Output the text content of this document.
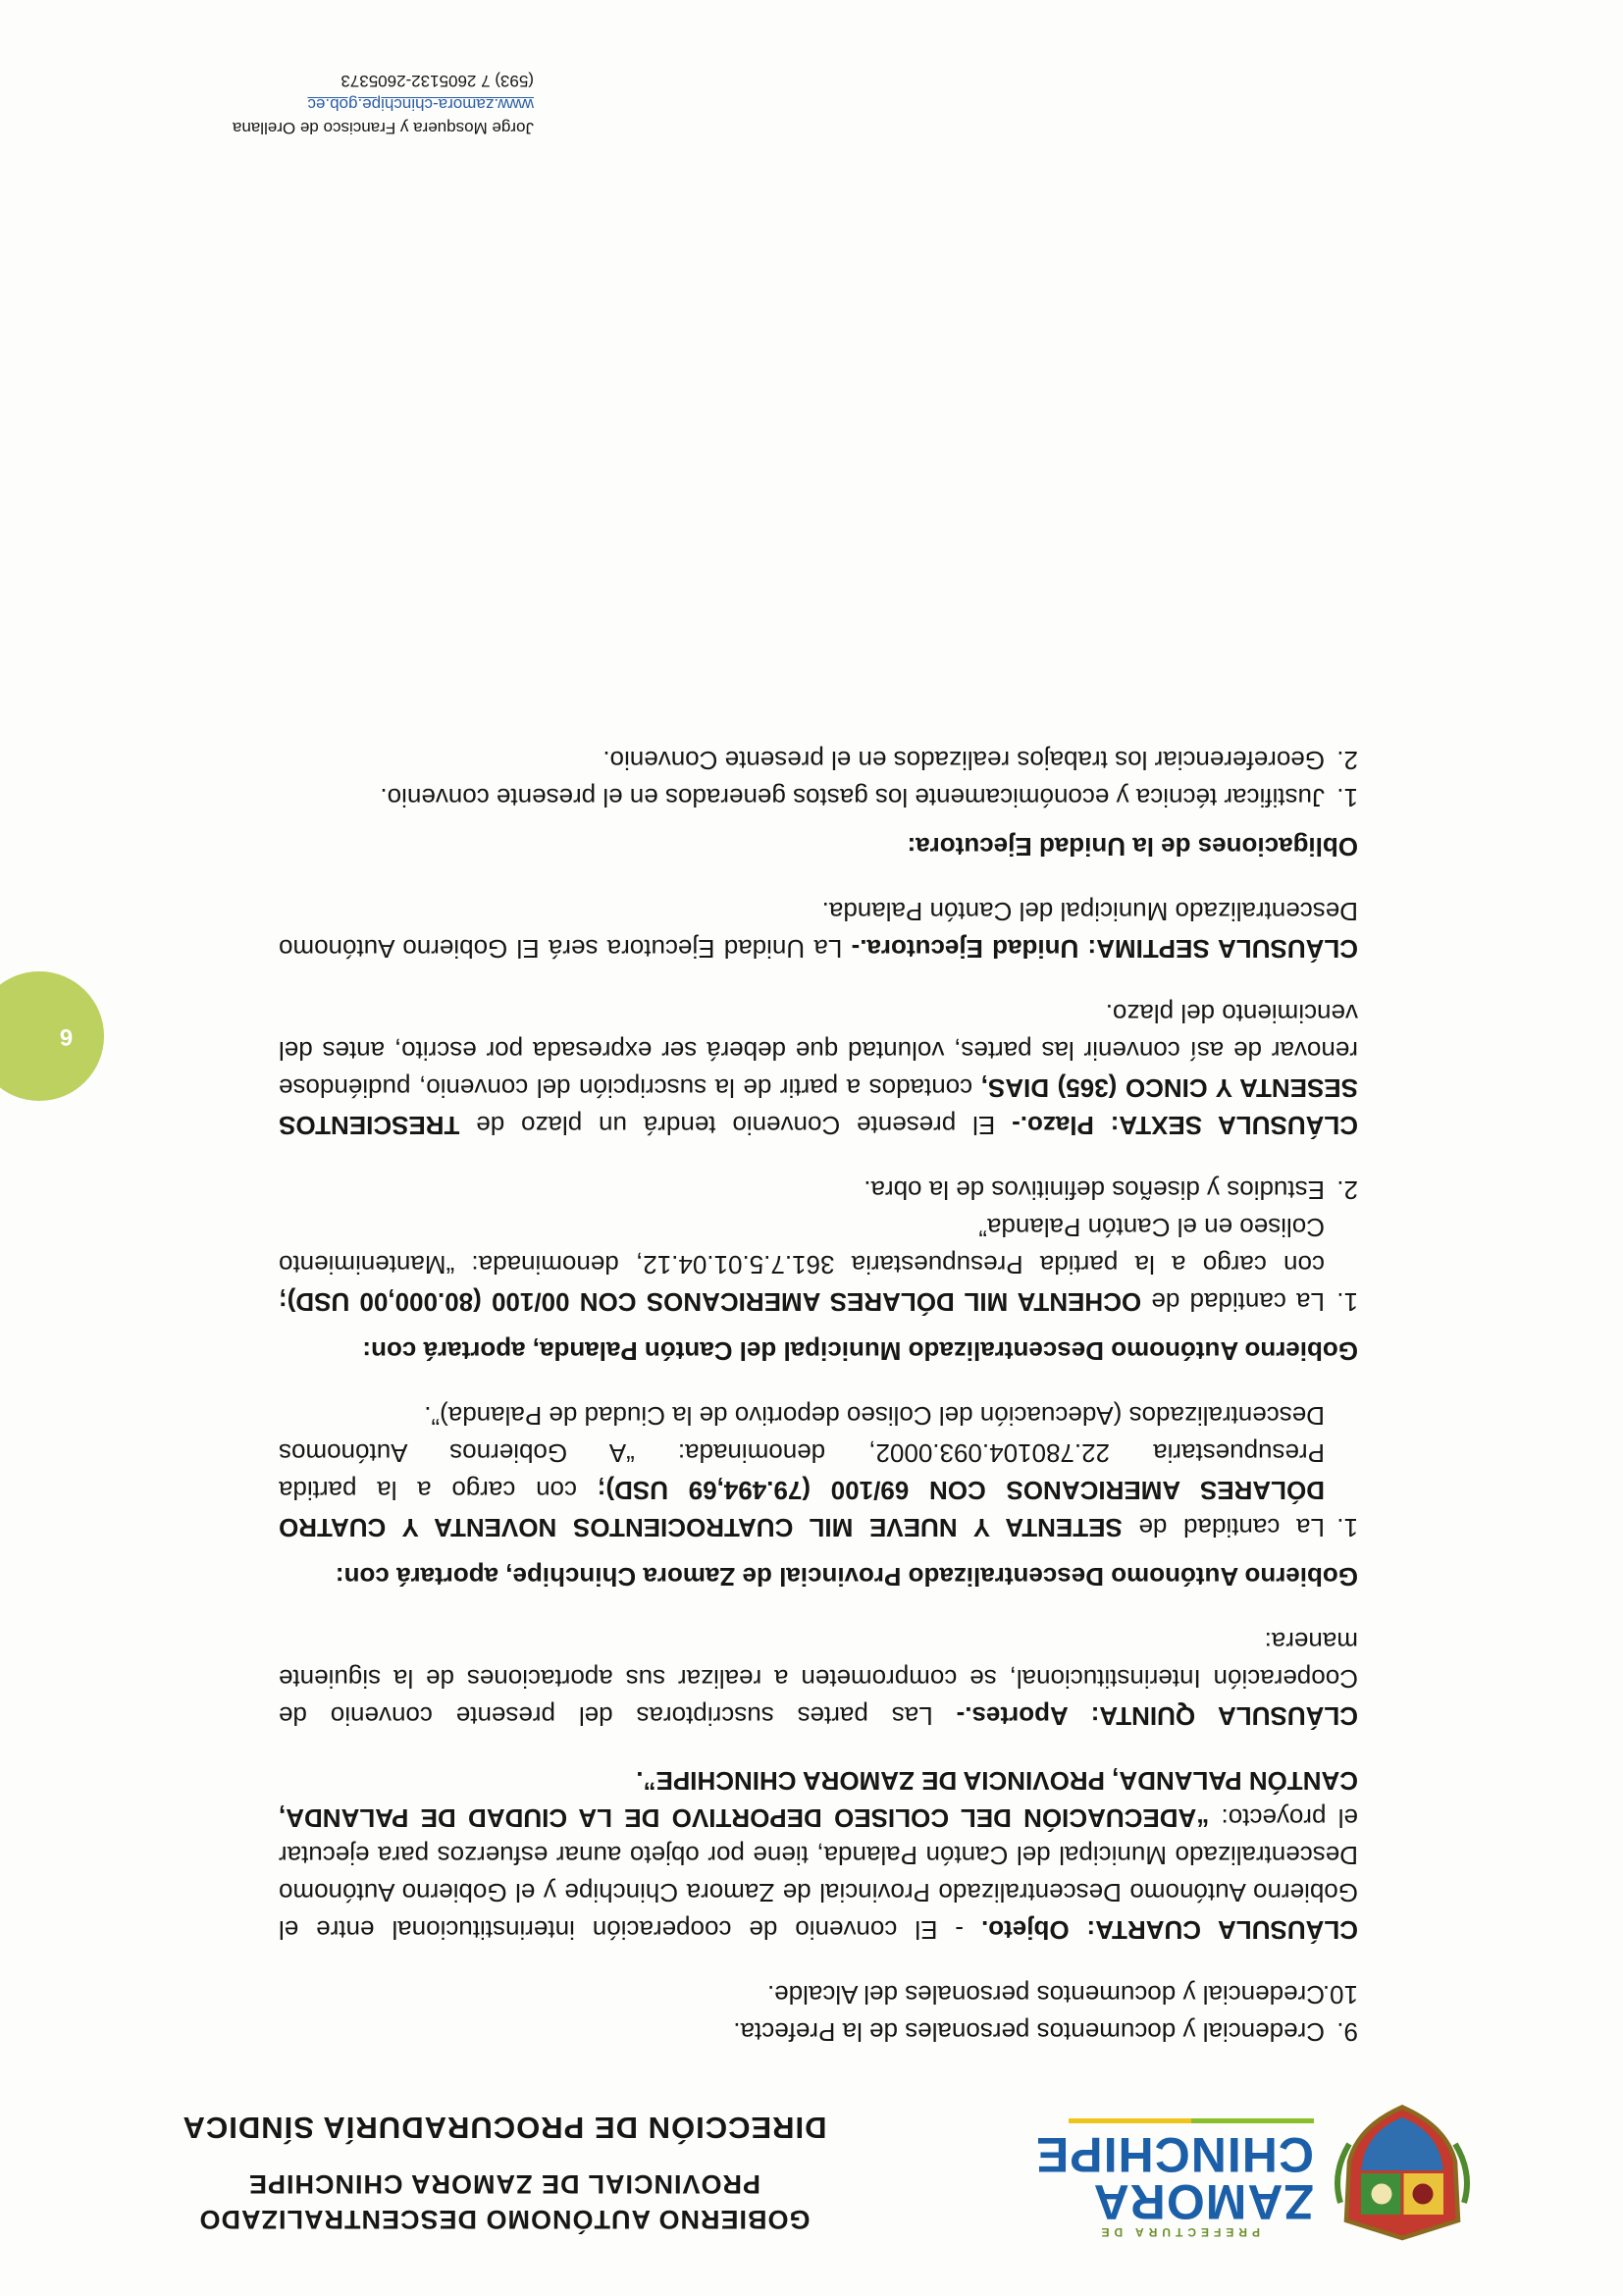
PREFECTURA DE
ZAMORA
CHINCHIPE
GOBIERNO AUTÓNOMO DESCENTRALIZADO
PROVINCIAL DE ZAMORA CHINCHIPE
DIRECCIÓN DE PROCURADURÍA SÍNDICA
9.
Credencial y documentos personales de la Prefecta.
10.
Credencial y documentos personales del Alcalde.

CLÁUSULA CUARTA: Objeto. - El convenio de cooperación interinstitucional entre el Gobierno Autónomo Descentralizado Provincial de Zamora Chinchipe y el Gobierno Autónomo Descentralizado Municipal del Cantón Palanda, tiene por objeto aunar esfuerzos para ejecutar el proyecto: “ADECUACIÓN DEL COLISEO DEPORTIVO DE LA CIUDAD DE PALANDA, CANTÓN PALANDA, PROVINCIA DE ZAMORA CHINCHIPE”.

CLÁUSULA QUINTA: Aportes.- Las partes suscriptoras del presente convenio de Cooperación Interinstitucional, se comprometen a realizar sus aportaciones de la siguiente manera:

Gobierno Autónomo Descentralizado Provincial de Zamora Chinchipe, aportará con:

1.
La cantidad de SETENTA Y NUEVE MIL CUATROCIENTOS NOVENTA Y CUATRO DÓLARES AMERICANOS CON 69/100 (79.494,69 USD); con cargo a la partida Presupuestaria 22.780104.093.0002, denominada: “A Gobiernos Autónomos Descentralizados (Adecuación del Coliseo deportivo de la Ciudad de Palanda)”.

Gobierno Autónomo Descentralizado Municipal del Cantón Palanda, aportará con:

1.
La cantidad de OCHENTA MIL DÓLARES AMERICANOS CON 00/100 (80.000,00 USD); con cargo a la partida Presupuestaria 361.7.5.01.04.12, denominada: “Mantenimiento Coliseo en el Cantón Palanda”
2.
Estudios y diseños definitivos de la obra.

CLÁUSULA SEXTA: Plazo.- El presente Convenio tendrá un plazo de TRESCIENTOS SESENTA Y CINCO (365) DIAS, contados a partir de la suscripción del convenio, pudiéndose renovar de así convenir las partes, voluntad que deberá ser expresada por escrito, antes del vencimiento del plazo.

CLÁUSULA SEPTIMA: Unidad Ejecutora.- La Unidad Ejecutora será El Gobierno Autónomo Descentralizado Municipal del Cantón Palanda.

Obligaciones de la Unidad Ejecutora:

1.
Justificar técnica y económicamente los gastos generados en el presente convenio.
2.
Georeferenciar los trabajos realizados en el presente Convenio.
6
Jorge Mosquera y Francisco de Orellana
www.zamora-chinchipe.gob.ec
(593) 7 2605132-2605373
